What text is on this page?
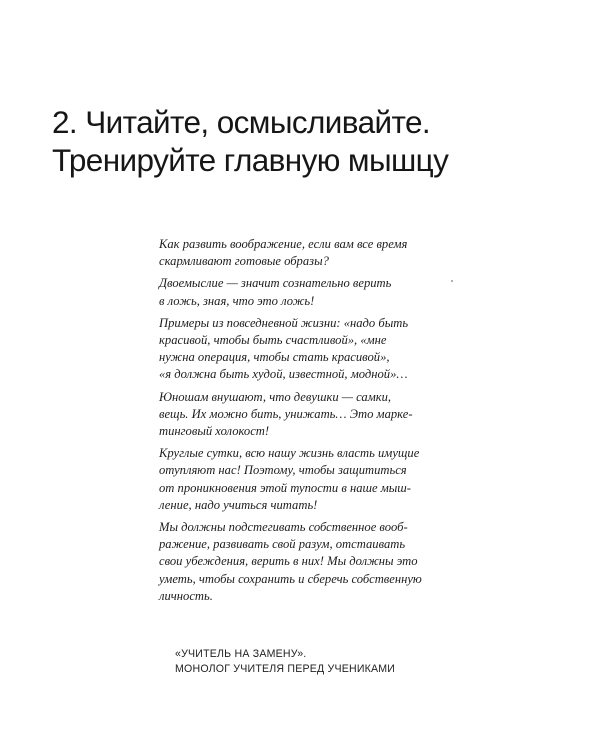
2. Читайте, осмысливайте.
Тренируйте главную мышцу

Как развить воображение, если вам все время
скармливают готовые образы?

Двоемыслие — значит сознательно верить
в ложь, зная, что это ложь!

Примеры из повседневной жизни: «надо быть
красивой, чтобы быть счастливой», «мне
нужна операция, чтобы стать красивой»,
«я должна быть худой, известной, модной»…

Юношам внушают, что девушки — самки,
вещь. Их можно бить, унижать… Это марке-
тинговый холокост!

Круглые сутки, всю нашу жизнь власть имущие
отупляют нас! Поэтому, чтобы защититься
от проникновения этой тупости в наше мыш-
ление, надо учиться читать!

Мы должны подстегивать собственное вооб-
ражение, развивать свой разум, отстаивать
свои убеждения, верить в них! Мы должны это
уметь, чтобы сохранить и сберечь собственную
личность.

«УЧИТЕЛЬ НА ЗАМЕНУ».
МОНОЛОГ УЧИТЕЛЯ ПЕРЕД УЧЕНИКАМИ
